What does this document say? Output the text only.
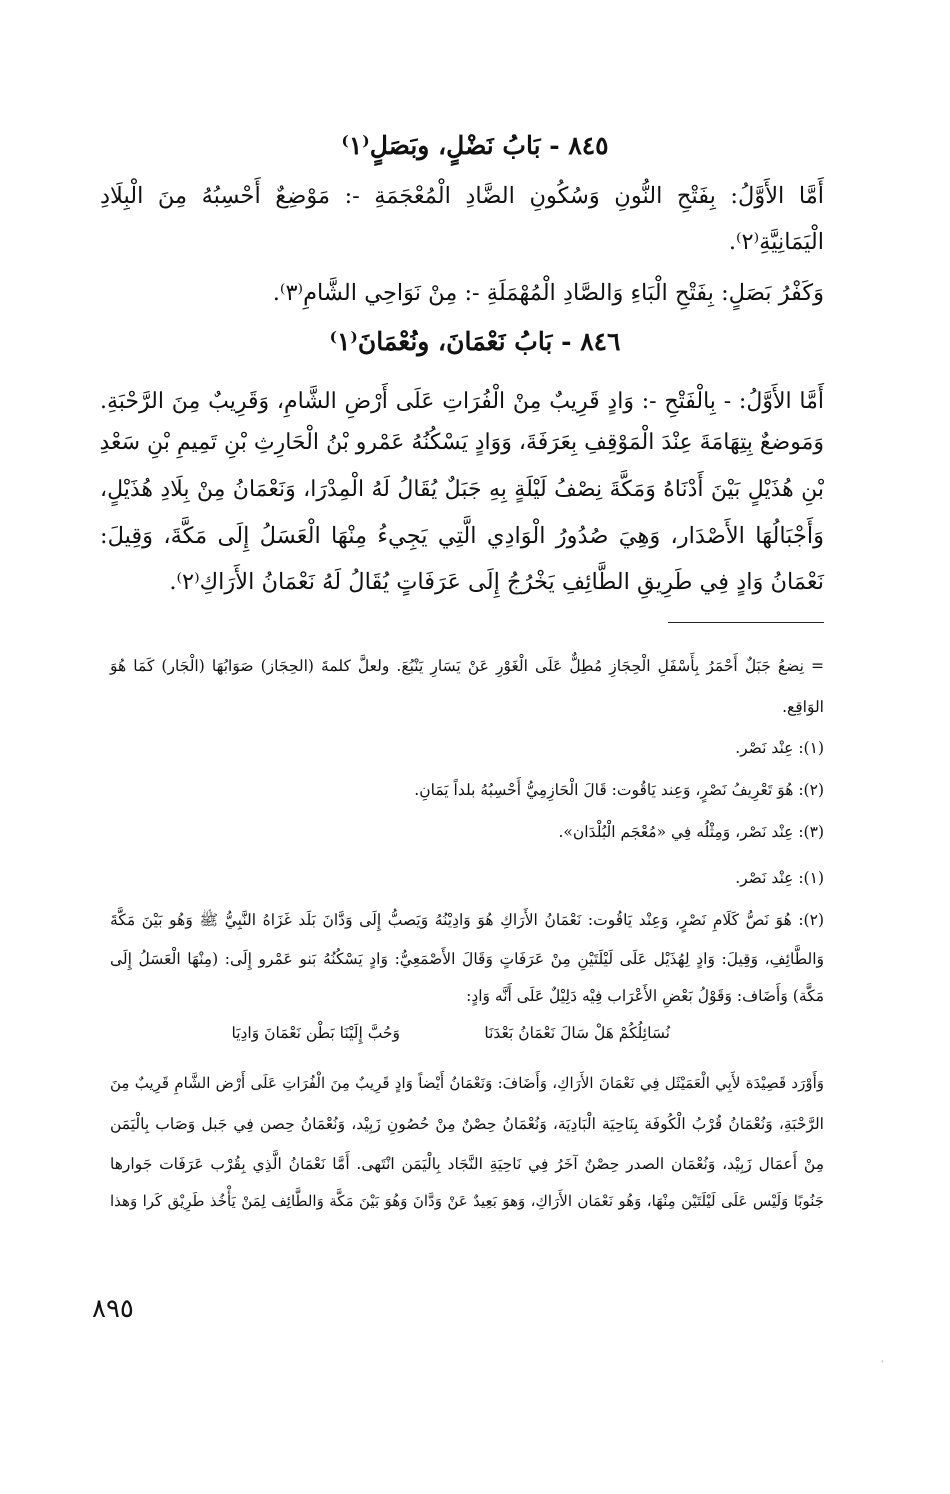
٨٤٥ - بَابُ نَضْلٍ، وبَصَلٍ⁽١⁾
أَمَّا الأَوَّلُ: بِفَتْحِ النُّونِ وَسُكُونِ الضَّادِ الْمُعْجَمَةِ -: مَوْضِعٌ أَحْسِبُهُ مِنَ الْبِلَادِ
الْيَمَانِيَّةِ⁽٢⁾.
وَكَفْرُ بَصَلٍ: بِفَتْحِ الْبَاءِ وَالصَّادِ الْمُهْمَلَةِ -: مِنْ نَوَاحِي الشَّامِ⁽٣⁾.
٨٤٦ - بَابُ نَعْمَانَ، ونُعْمَانَ⁽١⁾
أَمَّا الأَوَّلُ: - بِالْفَتْحِ -: وَادٍ قَرِيبٌ مِنْ الْفُرَاتِ عَلَى أَرْضِ الشَّامِ، وَقَرِيبٌ مِنَ الرَّحْبَةِ.
وَمَوضعٌ بِتِهَامَةَ عِنْدَ الْمَوْقِفِ بِعَرَفَةَ، وَوَادٍ يَسْكُنُهُ عَمْرو بْنُ الْحَارِثِ بْنِ تَمِيمِ بْنِ سَعْدِ
بْنِ هُذَيْلٍ بَيْنَ أَدْنَاهُ وَمَكَّةَ نِصْفُ لَيْلَةٍ بِهِ جَبَلٌ يُقَالُ لَهُ الْمِدْرَا، وَنَعْمَانُ مِنْ بِلَادِ هُذَيْلٍ،
وَأَجْبَالُهَا الأَصْدَار، وَهِيَ صُدُورُ الْوَادِي الَّتِي يَجِيءُ مِنْهَا الْعَسَلُ إِلَى مَكَّةَ، وَقِيلَ:
نَعْمَانُ وَادٍ فِي طَرِيقِ الطَّائِفِ يَخْرُجُ إِلَى عَرَفَاتٍ يُقَالُ لَهُ نَعْمَانُ الأَرَاكِ⁽٢⁾.
= نِضعُ جَبَلٌ أَحْمَرُ بِأَسْفَلِ الْحِجَازِ مُطِلٌّ عَلَى الْغَوْرِ عَنْ يَسَارِ يَنْبُعَ. ولعلَّ كلمةَ (الحِجَاز) صَوَابُهَا (الْجَار) كَمَا هُوَ
الوَاقِع.
(١): عِنْد نَصْر.
(٢): هُوَ تَعْرِيفُ نَصْرٍ، وَعِند يَاقُوت: قَالَ الْحَازِمِيُّ أَحْسِبُهُ بلداً يَمَانِ.
(٣): عِنْد نَصْر، وَمِثْلُه فِي «مُعْجَم الْبُلْدَان».
(١): عِنْد نَصْر.
(٢): هُوَ نَصُّ كَلَامِ نَصْرٍ، وَعِنْد يَاقُوت: نَعْمَانُ الأَرَاكِ هُوَ وَادِيْنُهُ وَيَصبُّ إِلَى وَدَّانَ بَلَد غَزَاهُ النَّبِيُّ ﷺ وَهُو بَيْنَ مَكَّةَ
وَالطَّائِفِ، وَقِيلَ: وَادٍ لِهُذَيْل عَلَى لَيْلَتَيْنِ مِنْ عَرَفَاتٍ وَقَالَ الأَصْمَعِيُّ: وَادٍ يَسْكُنُهُ بَنو عَمْرو إِلَى: (مِنْهَا الْعَسَلُ إِلَى
مَكَّة) وَأَضَاف: وَقَوْلُ بَعْضِ الأَعْرَاب فِيْه دَلِيْلٌ عَلَى أَنَّه وَادٍ:
نُسَائِلُكُمْ هَلْ سَالَ نَعْمَانُ بَعْدَنَا
وَحُبَّ إِلَيْنَا بَطْن نَعْمَانَ وَادِيَا
وَأَوْرَد قَصِيْدَة لأَبِي الْعَمَيْثَل فِي نَعْمَانَ الأَرَاكِ، وَأَضَافَ: وَنَعْمَانُ أَيْضاً وَادٍ قَرِيبٌ مِنَ الْفُرَاتِ عَلَى أَرْض الشَّامِ قَرِيبٌ مِنَ
الرَّحْبَةِ، وَنُعْمَانُ قُرْبُ الْكُوفَة بِنَاحِيَة الْبَادِيَة، وَنُعْمَانُ حِصْنٌ مِنْ حُصُونِ زَبِيْد، وَنُعْمَانُ حِصن فِي جَبل وَصَاب بِالْيَمَن
مِنْ أَعمَال زَبِيْد، وَنُعْمَان الصدر حِصْنٌ آخَرُ فِي نَاحِيَةِ النَّجَاد بِالْيَمَن انْتَهى. أَمَّا نَعْمَانُ الَّذِي بِقُرْب عَرَفَات جَوارها
جَنُوبًا وَلَيْس عَلَى لَيْلَتَيْن مِنْهَا، وَهُو نَعْمَان الأَرَاكِ، وَهوَ بَعِيدٌ عَنْ وَدَّانَ وَهُوَ بَيْنَ مَكَّة وَالطَّائِف لِمَنْ يَأْخُذ طَرِيْق كَرا وَهذا
٨٩٥
